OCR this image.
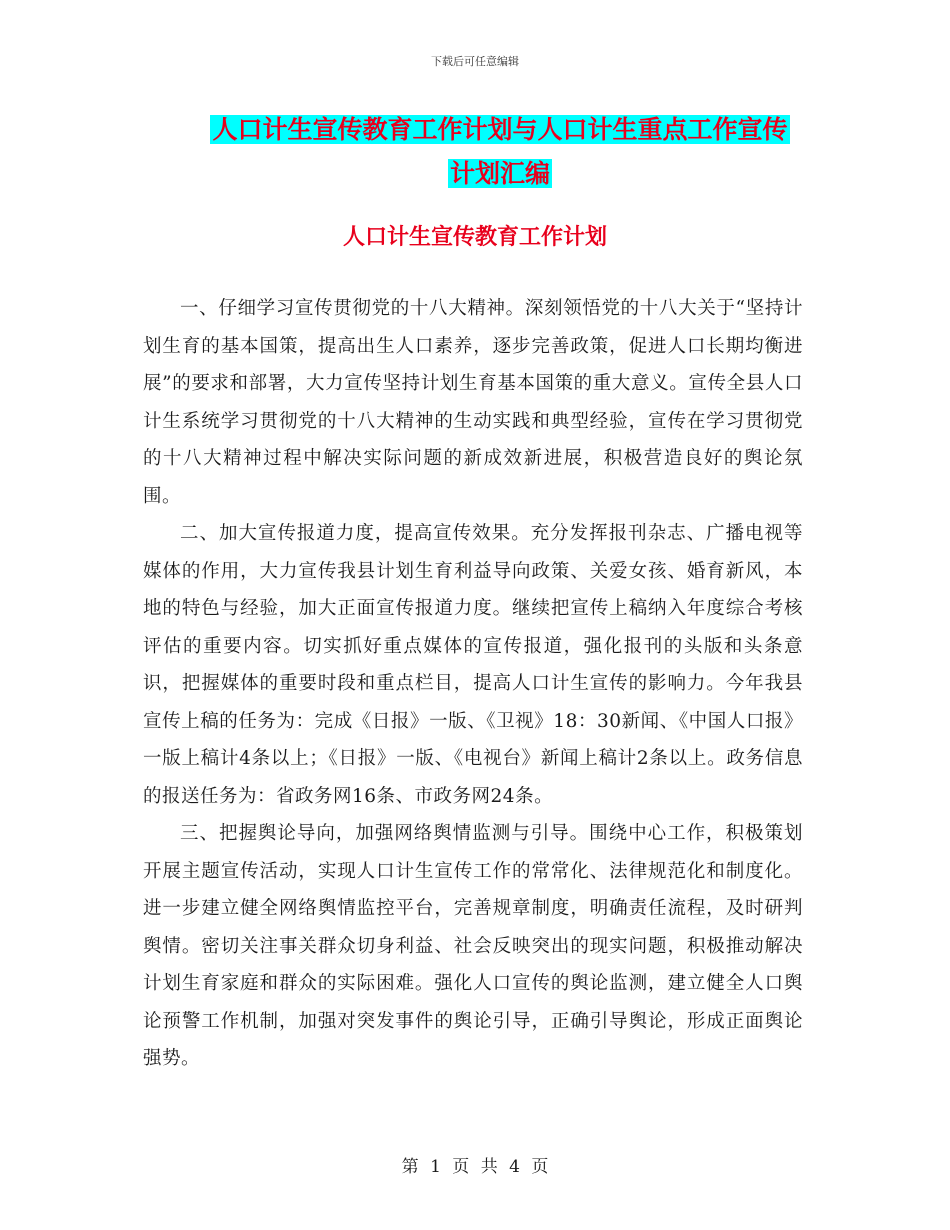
下载后可任意编辑
人口计生宣传教育工作计划与人口计生重点工作宣传
计划汇编
人口计生宣传教育工作计划

一、仔细学习宣传贯彻党的十八大精神。深刻领悟党的十八大关于“坚持计划生育的基本国策，提高出生人口素养，逐步完善政策，促进人口长期均衡进展”的要求和部署，大力宣传坚持计划生育基本国策的重大意义。宣传全县人口计生系统学习贯彻党的十八大精神的生动实践和典型经验，宣传在学习贯彻党的十八大精神过程中解决实际问题的新成效新进展，积极营造良好的舆论氛围。

二、加大宣传报道力度，提高宣传效果。充分发挥报刊杂志、广播电视等媒体的作用，大力宣传我县计划生育利益导向政策、关爱女孩、婚育新风，本地的特色与经验，加大正面宣传报道力度。继续把宣传上稿纳入年度综合考核评估的重要内容。切实抓好重点媒体的宣传报道，强化报刊的头版和头条意识，把握媒体的重要时段和重点栏目，提高人口计生宣传的影响力。今年我县宣传上稿的任务为：完成《日报》一版、《卫视》18：30新闻、《中国人口报》一版上稿计4条以上；《日报》一版、《电视台》新闻上稿计2条以上。政务信息的报送任务为：省政务网16条、市政务网24条。

三、把握舆论导向，加强网络舆情监测与引导。围绕中心工作，积极策划开展主题宣传活动，实现人口计生宣传工作的常常化、法律规范化和制度化。进一步建立健全网络舆情监控平台，完善规章制度，明确责任流程，及时研判舆情。密切关注事关群众切身利益、社会反映突出的现实问题，积极推动解决计划生育家庭和群众的实际困难。强化人口宣传的舆论监测，建立健全人口舆论预警工作机制，加强对突发事件的舆论引导，正确引导舆论，形成正面舆论强势。

第 1 页 共 4 页
